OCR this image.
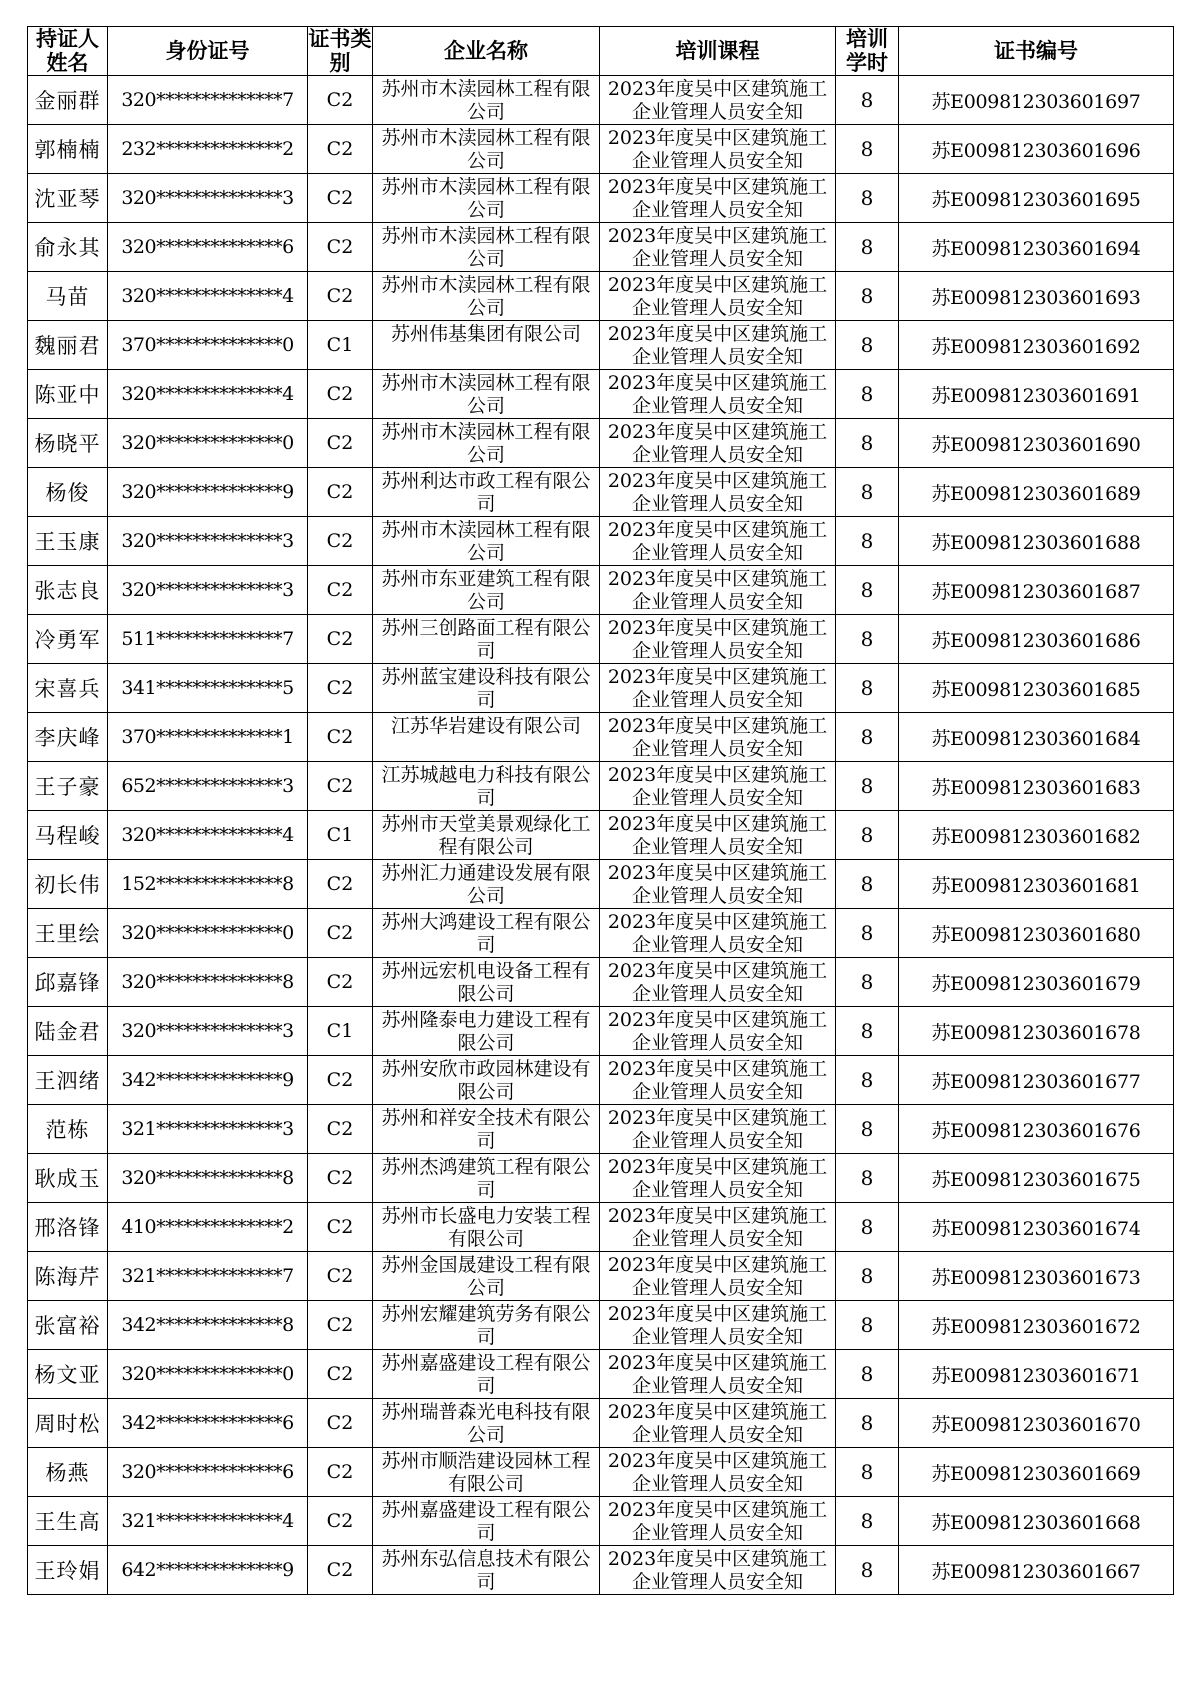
持证人姓名	身份证号	证书类别	企业名称	培训课程	培训学时	证书编号
金丽群	320**************7	C2	苏州市木渎园林工程有限公司	2023年度吴中区建筑施工企业管理人员安全知	8	苏E009812303601697
郭楠楠	232**************2	C2	苏州市木渎园林工程有限公司	2023年度吴中区建筑施工企业管理人员安全知	8	苏E009812303601696
沈亚琴	320**************3	C2	苏州市木渎园林工程有限公司	2023年度吴中区建筑施工企业管理人员安全知	8	苏E009812303601695
俞永其	320**************6	C2	苏州市木渎园林工程有限公司	2023年度吴中区建筑施工企业管理人员安全知	8	苏E009812303601694
马苗	320**************4	C2	苏州市木渎园林工程有限公司	2023年度吴中区建筑施工企业管理人员安全知	8	苏E009812303601693
魏丽君	370**************0	C1	苏州伟基集团有限公司	2023年度吴中区建筑施工企业管理人员安全知	8	苏E009812303601692
陈亚中	320**************4	C2	苏州市木渎园林工程有限公司	2023年度吴中区建筑施工企业管理人员安全知	8	苏E009812303601691
杨晓平	320**************0	C2	苏州市木渎园林工程有限公司	2023年度吴中区建筑施工企业管理人员安全知	8	苏E009812303601690
杨俊	320**************9	C2	苏州利达市政工程有限公司	2023年度吴中区建筑施工企业管理人员安全知	8	苏E009812303601689
王玉康	320**************3	C2	苏州市木渎园林工程有限公司	2023年度吴中区建筑施工企业管理人员安全知	8	苏E009812303601688
张志良	320**************3	C2	苏州市东亚建筑工程有限公司	2023年度吴中区建筑施工企业管理人员安全知	8	苏E009812303601687
冷勇军	511**************7	C2	苏州三创路面工程有限公司	2023年度吴中区建筑施工企业管理人员安全知	8	苏E009812303601686
宋喜兵	341**************5	C2	苏州蓝宝建设科技有限公司	2023年度吴中区建筑施工企业管理人员安全知	8	苏E009812303601685
李庆峰	370**************1	C2	江苏华岩建设有限公司	2023年度吴中区建筑施工企业管理人员安全知	8	苏E009812303601684
王子豪	652**************3	C2	江苏城越电力科技有限公司	2023年度吴中区建筑施工企业管理人员安全知	8	苏E009812303601683
马程峻	320**************4	C1	苏州市天堂美景观绿化工程有限公司	2023年度吴中区建筑施工企业管理人员安全知	8	苏E009812303601682
初长伟	152**************8	C2	苏州汇力通建设发展有限公司	2023年度吴中区建筑施工企业管理人员安全知	8	苏E009812303601681
王里绘	320**************0	C2	苏州大鸿建设工程有限公司	2023年度吴中区建筑施工企业管理人员安全知	8	苏E009812303601680
邱嘉锋	320**************8	C2	苏州远宏机电设备工程有限公司	2023年度吴中区建筑施工企业管理人员安全知	8	苏E009812303601679
陆金君	320**************3	C1	苏州隆泰电力建设工程有限公司	2023年度吴中区建筑施工企业管理人员安全知	8	苏E009812303601678
王泗绪	342**************9	C2	苏州安欣市政园林建设有限公司	2023年度吴中区建筑施工企业管理人员安全知	8	苏E009812303601677
范栋	321**************3	C2	苏州和祥安全技术有限公司	2023年度吴中区建筑施工企业管理人员安全知	8	苏E009812303601676
耿成玉	320**************8	C2	苏州杰鸿建筑工程有限公司	2023年度吴中区建筑施工企业管理人员安全知	8	苏E009812303601675
邢洛锋	410**************2	C2	苏州市长盛电力安装工程有限公司	2023年度吴中区建筑施工企业管理人员安全知	8	苏E009812303601674
陈海芹	321**************7	C2	苏州金国晟建设工程有限公司	2023年度吴中区建筑施工企业管理人员安全知	8	苏E009812303601673
张富裕	342**************8	C2	苏州宏耀建筑劳务有限公司	2023年度吴中区建筑施工企业管理人员安全知	8	苏E009812303601672
杨文亚	320**************0	C2	苏州嘉盛建设工程有限公司	2023年度吴中区建筑施工企业管理人员安全知	8	苏E009812303601671
周时松	342**************6	C2	苏州瑞普森光电科技有限公司	2023年度吴中区建筑施工企业管理人员安全知	8	苏E009812303601670
杨燕	320**************6	C2	苏州市顺浩建设园林工程有限公司	2023年度吴中区建筑施工企业管理人员安全知	8	苏E009812303601669
王生高	321**************4	C2	苏州嘉盛建设工程有限公司	2023年度吴中区建筑施工企业管理人员安全知	8	苏E009812303601668
王玲娟	642**************9	C2	苏州东弘信息技术有限公司	2023年度吴中区建筑施工企业管理人员安全知	8	苏E009812303601667
